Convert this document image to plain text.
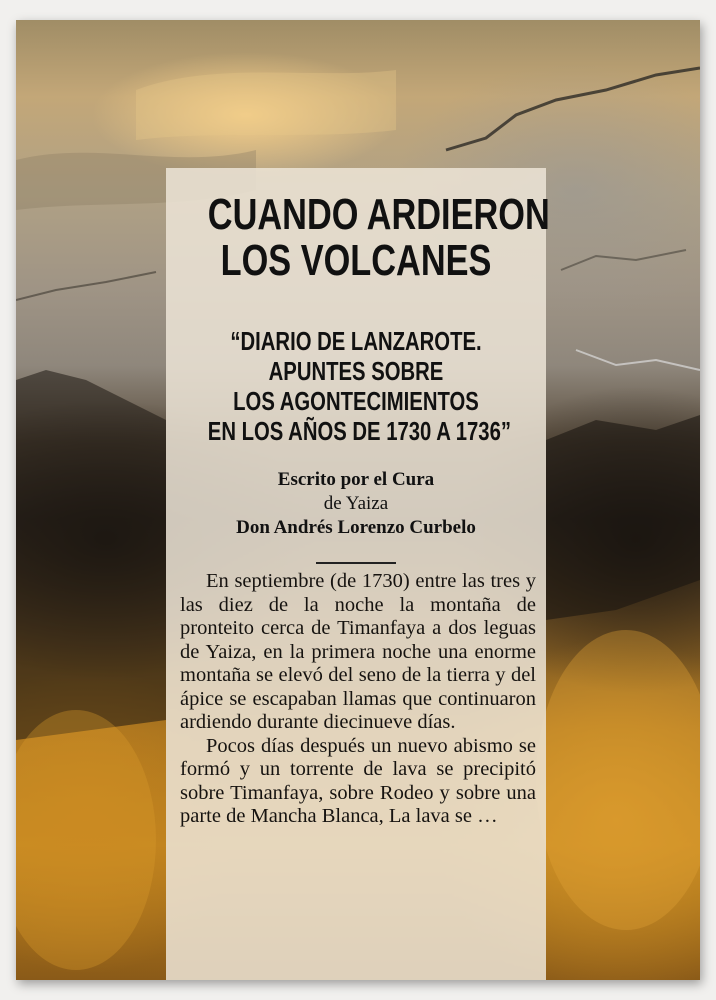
CUANDO ARDIERON
LOS VOLCANES
“DIARIO DE LANZAROTE.
APUNTES SOBRE
LOS AGONTECIMIENTOS
EN LOS AÑOS DE 1730 A 1736”
Escrito por el Cura
de Yaiza
Don Andrés Lorenzo Curbelo

En septiembre (de 1730) entre las tres y las diez de la noche la montaña de pronteito cerca de Timanfaya a dos leguas de Yaiza, en la primera noche una enorme montaña se elevó del seno de la tierra y del ápice se escapaban llamas que continuaron ardiendo durante diecinueve días.

Pocos días después un nuevo abismo se formó y un torrente de lava se precipitó sobre Timanfaya, sobre Rodeo y sobre una parte de Mancha Blanca, La lava se …
